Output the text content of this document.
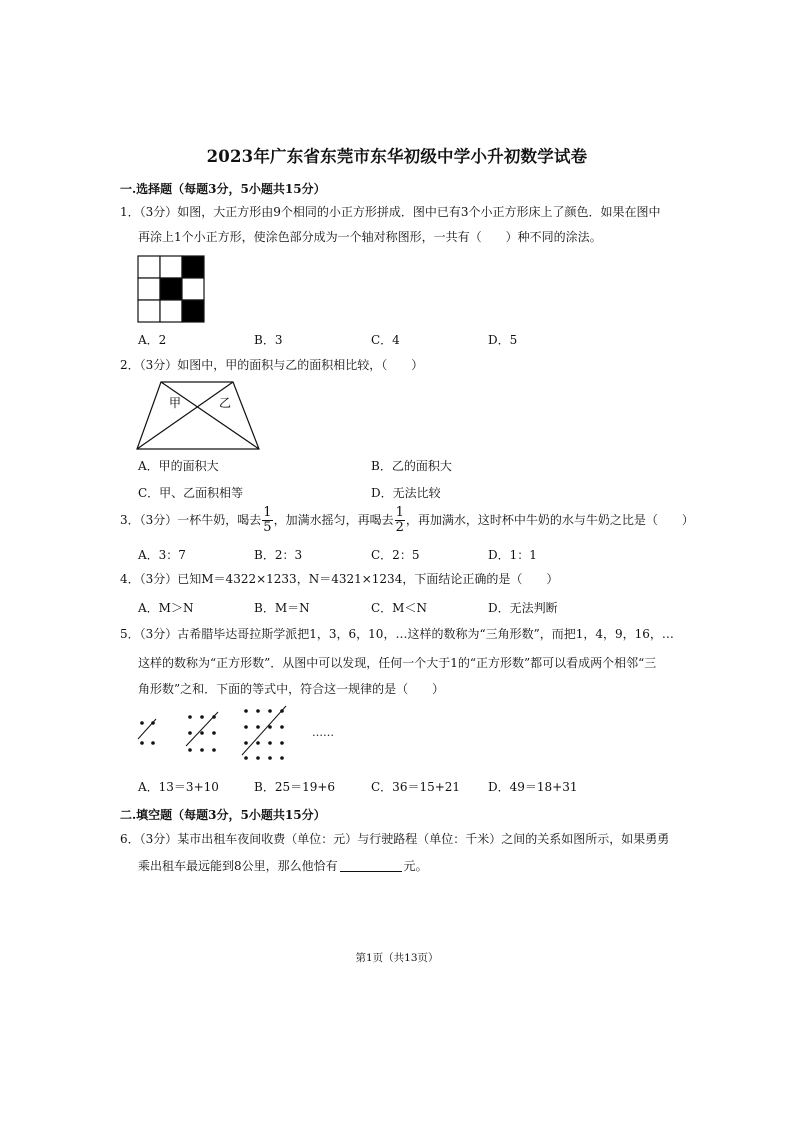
2023年广东省东莞市东华初级中学小升初数学试卷
一.选择题（每题3分，5小题共15分）
1．（3分）如图，大正方形由9个相同的小正方形拼成．图中已有3个小正方形床上了颜色．如果在图中
再涂上1个小正方形，使涂色部分成为一个轴对称图形，一共有（　　）种不同的涂法。
A．2	B．3	C．4	D．5
2．（3分）如图中，甲的面积与乙的面积相比较，（　　）
甲	乙
A．甲的面积大	B．乙的面积大
C．甲、乙面积相等	D．无法比较
3．（3分）一杯牛奶，喝去 $\frac{1}{5}$ ，加满水摇匀，再喝去 $\frac{1}{2}$ ，再加满水，这时杯中牛奶的水与牛奶之比是（　　）
A．3：7	B．2：3	C．2：5	D．1：1
4．（3分）已知M＝4322×1233，N＝4321×1234，下面结论正确的是（　　）
A．M＞N	B．M＝N	C．M＜N	D．无法判断
5．（3分）古希腊毕达哥拉斯学派把1，3，6，10，…这样的数称为“三角形数”，而把1，4，9，16，…
这样的数称为“正方形数”．从图中可以发现，任何一个大于1的“正方形数”都可以看成两个相邻“三
角形数”之和．下面的等式中，符合这一规律的是（　　）
……
A．13＝3+10	B．25＝19+6	C．36＝15+21 D．49＝18+31
二.填空题（每题3分，5小题共15分）
6．（3分）某市出租车夜间收费（单位：元）与行驶路程（单位：千米）之间的关系如图所示，如果勇勇
乘出租车最远能到8公里，那么他恰有	元。
第1页（共13页）
